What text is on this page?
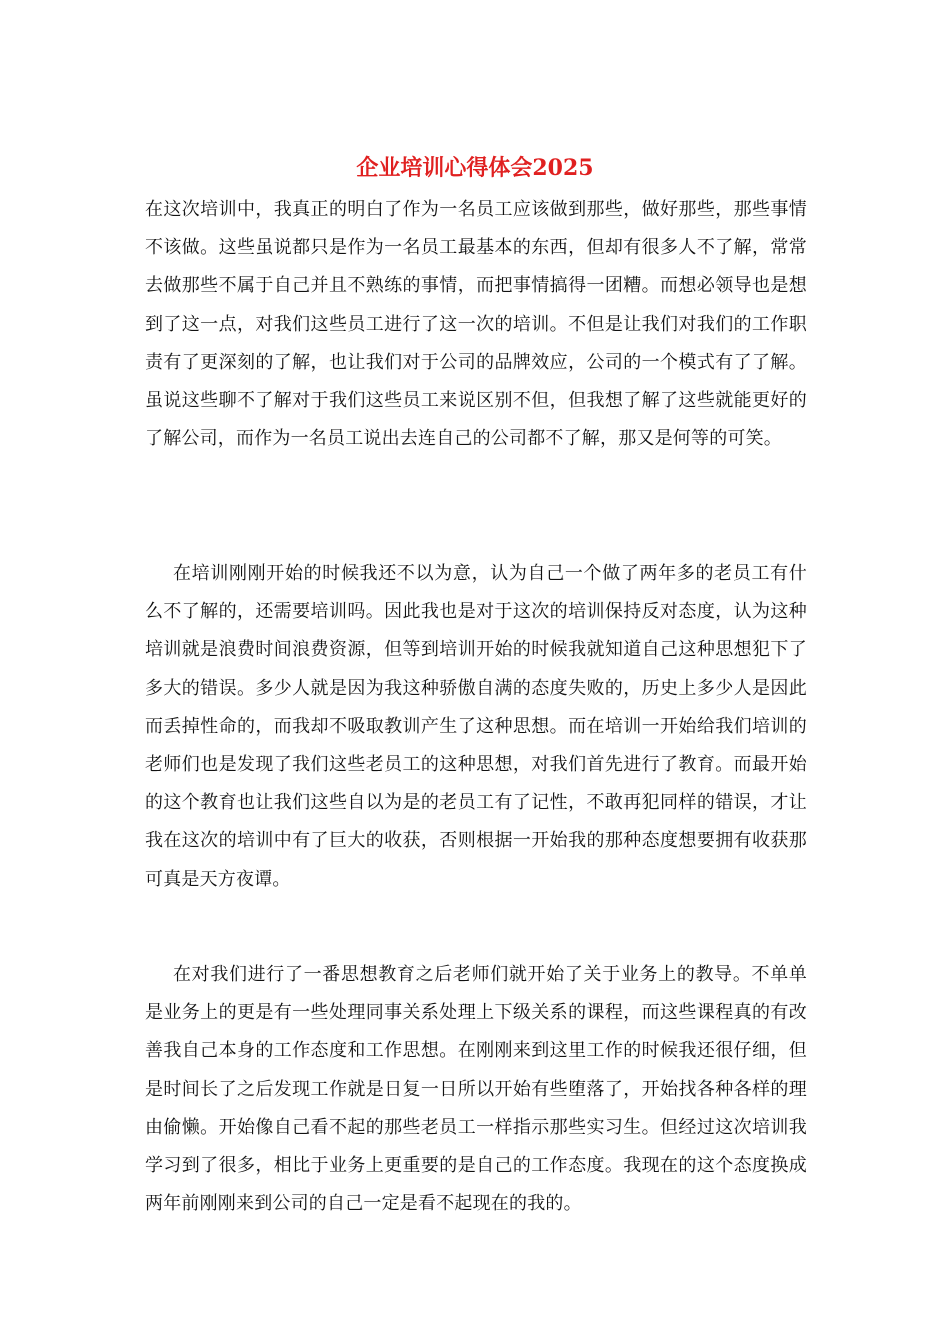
企业培训心得体会2025

在这次培训中，我真正的明白了作为一名员工应该做到那些，做好那些，那些事情不该做。这些虽说都只是作为一名员工最基本的东西，但却有很多人不了解，常常去做那些不属于自己并且不熟练的事情，而把事情搞得一团糟。而想必领导也是想到了这一点，对我们这些员工进行了这一次的培训。不但是让我们对我们的工作职责有了更深刻的了解，也让我们对于公司的品牌效应，公司的一个模式有了了解。虽说这些聊不了解对于我们这些员工来说区别不但，但我想了解了这些就能更好的了解公司，而作为一名员工说出去连自己的公司都不了解，那又是何等的可笑。

在培训刚刚开始的时候我还不以为意，认为自己一个做了两年多的老员工有什么不了解的，还需要培训吗。因此我也是对于这次的培训保持反对态度，认为这种培训就是浪费时间浪费资源，但等到培训开始的时候我就知道自己这种思想犯下了多大的错误。多少人就是因为我这种骄傲自满的态度失败的，历史上多少人是因此而丢掉性命的，而我却不吸取教训产生了这种思想。而在培训一开始给我们培训的老师们也是发现了我们这些老员工的这种思想，对我们首先进行了教育。而最开始的这个教育也让我们这些自以为是的老员工有了记性，不敢再犯同样的错误，才让我在这次的培训中有了巨大的收获，否则根据一开始我的那种态度想要拥有收获那可真是天方夜谭。

在对我们进行了一番思想教育之后老师们就开始了关于业务上的教导。不单单是业务上的更是有一些处理同事关系处理上下级关系的课程，而这些课程真的有改善我自己本身的工作态度和工作思想。在刚刚来到这里工作的时候我还很仔细，但是时间长了之后发现工作就是日复一日所以开始有些堕落了，开始找各种各样的理由偷懒。开始像自己看不起的那些老员工一样指示那些实习生。但经过这次培训我学习到了很多，相比于业务上更重要的是自己的工作态度。我现在的这个态度换成两年前刚刚来到公司的自己一定是看不起现在的我的。
